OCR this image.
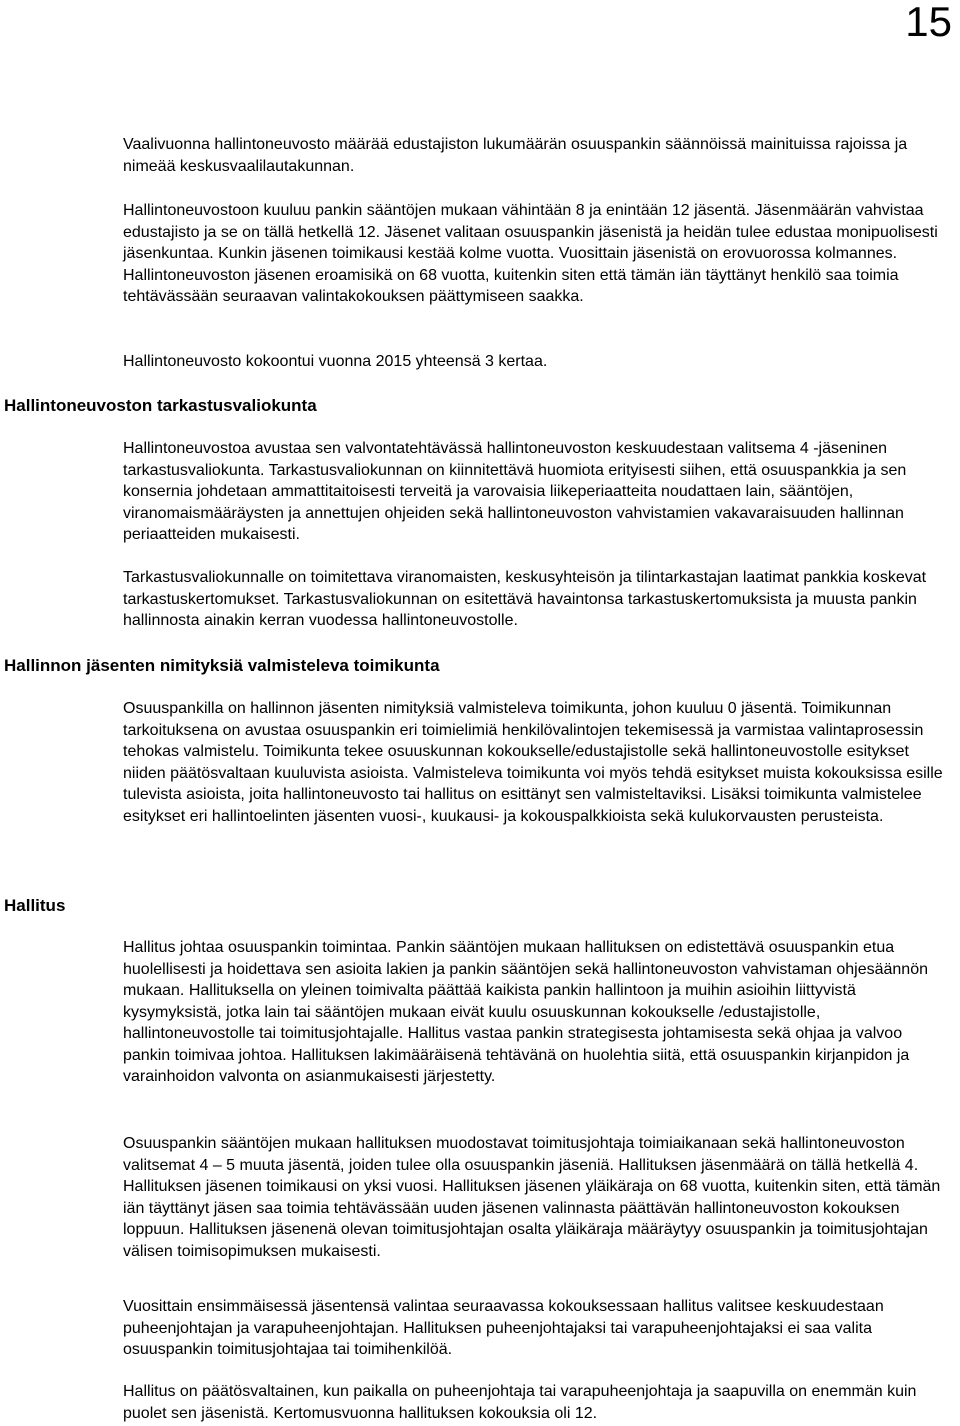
15

Vaalivuonna hallintoneuvosto määrää edustajiston lukumäärän osuuspankin säännöissä mainituissa rajoissa ja nimeää keskusvaalilautakunnan.

Hallintoneuvostoon kuuluu pankin sääntöjen mukaan vähintään 8 ja enintään 12 jäsentä. Jäsenmäärän vahvistaa edustajisto ja se on tällä hetkellä 12. Jäsenet valitaan osuuspankin jäsenistä ja heidän tulee edustaa monipuolisesti jäsenkuntaa. Kunkin jäsenen toimikausi kestää kolme vuotta. Vuosittain jäsenistä on erovuorossa kolmannes. Hallintoneuvoston jäsenen eroamisikä on 68 vuotta, kuitenkin siten että tämän iän täyttänyt henkilö saa toimia tehtävässään seuraavan valintakokouksen päättymiseen saakka.

Hallintoneuvosto kokoontui vuonna 2015 yhteensä 3 kertaa.

Hallintoneuvoston tarkastusvaliokunta

Hallintoneuvostoa avustaa sen valvontatehtävässä hallintoneuvoston keskuudestaan valitsema 4 -jäseninen tarkastusvaliokunta. Tarkastusvaliokunnan on kiinnitettävä huomiota erityisesti siihen, että osuuspankkia ja sen konsernia johdetaan ammattitaitoisesti terveitä ja varovaisia liikeperiaatteita noudattaen lain, sääntöjen, viranomaismääräysten ja annettujen ohjeiden sekä hallintoneuvoston vahvistamien vakavaraisuuden hallinnan periaatteiden mukaisesti.

Tarkastusvaliokunnalle on toimitettava viranomaisten, keskusyhteisön ja tilintarkastajan laatimat pankkia koskevat tarkastuskertomukset. Tarkastusvaliokunnan on esitettävä havaintonsa tarkastuskertomuksista ja muusta pankin hallinnosta ainakin kerran vuodessa hallintoneuvostolle.

Hallinnon jäsenten nimityksiä valmisteleva toimikunta

Osuuspankilla on hallinnon jäsenten nimityksiä valmisteleva toimikunta, johon kuuluu 0 jäsentä. Toimikunnan tarkoituksena on avustaa osuuspankin eri toimielimiä henkilövalintojen tekemisessä ja varmistaa valintaprosessin tehokas valmistelu. Toimikunta tekee osuuskunnan kokoukselle/edustajistolle sekä hallintoneuvostolle esitykset niiden päätösvaltaan kuuluvista asioista. Valmisteleva toimikunta voi myös tehdä esitykset muista kokouksissa esille tulevista asioista, joita hallintoneuvosto tai hallitus on esittänyt sen valmisteltaviksi. Lisäksi toimikunta valmistelee esitykset eri hallintoelinten jäsenten vuosi-, kuukausi- ja kokouspalkkioista sekä kulukorvausten perusteista.

Hallitus

Hallitus johtaa osuuspankin toimintaa. Pankin sääntöjen mukaan hallituksen on edistettävä osuuspankin etua huolellisesti ja hoidettava sen asioita lakien ja pankin sääntöjen sekä hallintoneuvoston vahvistaman ohjesäännön mukaan. Hallituksella on yleinen toimivalta päättää kaikista pankin hallintoon ja muihin asioihin liittyvistä kysymyksistä, jotka lain tai sääntöjen mukaan eivät kuulu osuuskunnan kokoukselle /edustajistolle, hallintoneuvostolle tai toimitusjohtajalle. Hallitus vastaa pankin strategisesta johtamisesta sekä ohjaa ja valvoo pankin toimivaa johtoa. Hallituksen lakimääräisenä tehtävänä on huolehtia siitä, että osuuspankin kirjanpidon ja varainhoidon valvonta on asianmukaisesti järjestetty.

Osuuspankin sääntöjen mukaan hallituksen muodostavat toimitusjohtaja toimiaikanaan sekä hallintoneuvoston valitsemat 4 – 5 muuta jäsentä, joiden tulee olla osuuspankin jäseniä. Hallituksen jäsenmäärä on tällä hetkellä 4. Hallituksen jäsenen toimikausi on yksi vuosi. Hallituksen jäsenen yläikäraja on 68 vuotta, kuitenkin siten, että tämän iän täyttänyt jäsen saa toimia tehtävässään uuden jäsenen valinnasta päättävän hallintoneuvoston kokouksen loppuun. Hallituksen jäsenenä olevan toimitusjohtajan osalta yläikäraja määräytyy osuuspankin ja toimitusjohtajan välisen toimisopimuksen mukaisesti.

Vuosittain ensimmäisessä jäsentensä valintaa seuraavassa kokouksessaan hallitus valitsee keskuudestaan puheenjohtajan ja varapuheenjohtajan. Hallituksen puheenjohtajaksi tai varapuheenjohtajaksi ei saa valita osuuspankin toimitusjohtajaa tai toimihenkilöä.

Hallitus on päätösvaltainen, kun paikalla on puheenjohtaja tai varapuheenjohtaja ja saapuvilla on enemmän kuin puolet sen jäsenistä. Kertomusvuonna hallituksen kokouksia oli 12.
